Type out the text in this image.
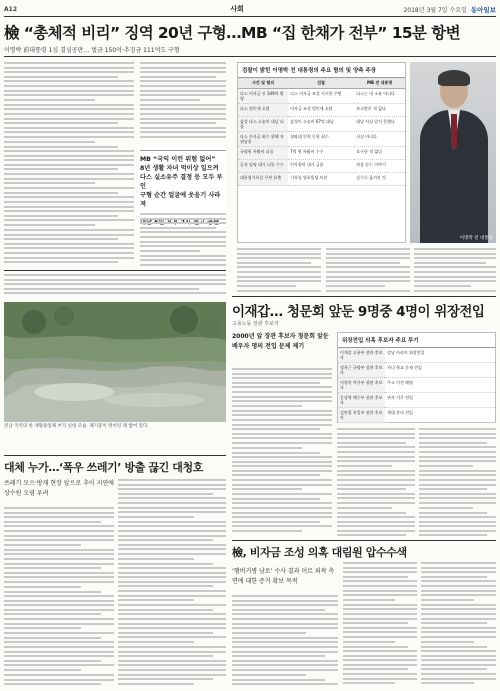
A12	사회	2018년 3월 7일 수요일 동아일보
檢 “총체적 비리” 징역 20년 구형…MB “집 한채가 전부” 15분 항변
이명박 前대통령 1심 결심공판… 벌금 150억·추징금 111억도 구형
MB “국익 이런 위험 없어”
8년 생활 자녀 억이상 일으켜
다스 실소유주 결정 등 모두 부인
구형 순간 얼굴에 웃음기 사라져
검찰이 밝힌 이명박 전 대통령의 주요 혐의 및 양측 주장
사건 및 혐의	검찰	MB 전 대통령
다스 비자금 등 349억 횡령	다스 비자금 조성 지시한 주범	다스는 내 소유 아니다
다스 법인세 포탈	비자금 조성 법인세 포탈	보고받은 적 없다
삼성 다스 소송비 대납 뇌물	삼성이 소송비 67억 대납	대납 사실 알지 못했다
다스 투자금 회수 위해 직권남용	청와대 인력 동원 회수	사실 아니다
국정원 특활비 뇌물	7억 원 특활비 수수	요구한 적 없다
공직 임명 대가 뇌물 수수	인사청탁 대가 금품	처음 듣는 이야기
대통령기록물 무단 유출	기록물 영포빌딩 보관	실수로 옮겨진 것
이명박 전 대통령
전남 지역의 한 재활용업체 부지 일대 모습. 폐기물이 방치된 채 쌓여 있다.
이재갑… 청문회 앞둔 9명중 4명이 위장전입
고용노동 장관 후보자
2000년 앞 장관 후보자 청문회 앞둔 배우자 명의 전입 문제 제기
위장전입 의혹 후보자 주요 투기
이재갑 고용부 장관 후보자	강남 아파트 위장전입
정옥근 국방부 장관 후보자	자녀 학교 문제 전입
이정옥 여가부 장관 후보자	주소 이전 해명
문성혁 해수부 장관 후보자	관사 거주 전입
김연철 통일부 장관 후보자	세대 분리 전입
대체 누가…‘폭우 쓰레기’ 방출 끊긴 대청호
쓰레기 모으·방재 현장 앞으로 추이 지연에 상수원 오염 우려
檢, 비자금 조성 의혹 대림원 압수수색
‘햄버거병 남로’ 수사 결과 이르 외곽 측면에 대한 증거 확보 목적
